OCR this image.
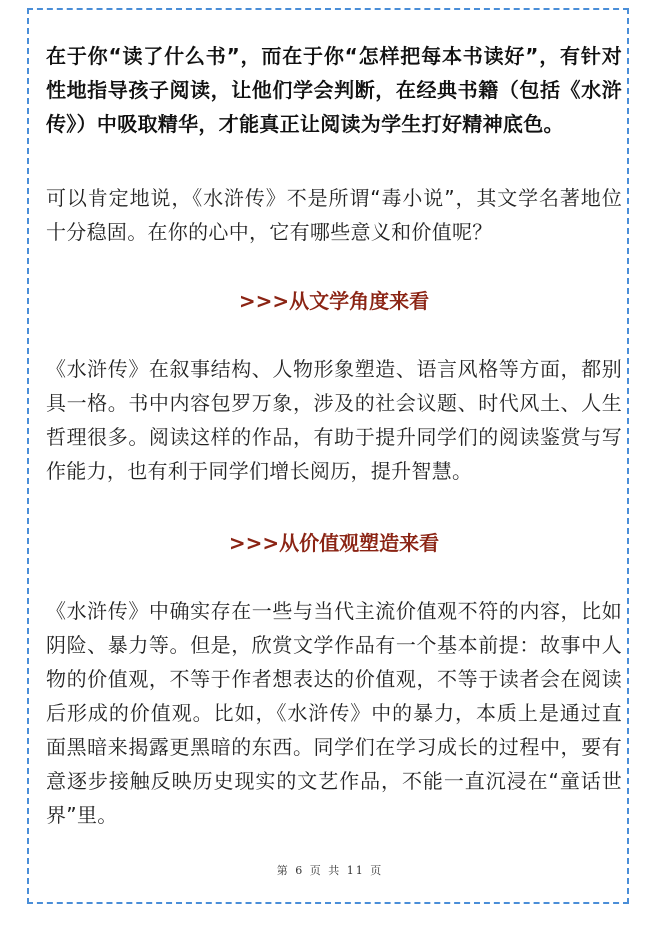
在于你“读了什么书”，而在于你“怎样把每本书读好”，有针对性地指导孩子阅读，让他们学会判断，在经典书籍（包括《水浒传》）中吸取精华，才能真正让阅读为学生打好精神底色。

可以肯定地说，《水浒传》不是所谓“毒小说”，其文学名著地位十分稳固。在你的心中，它有哪些意义和价值呢？

>>>从文学角度来看

《水浒传》在叙事结构、人物形象塑造、语言风格等方面，都别具一格。书中内容包罗万象，涉及的社会议题、时代风土、人生哲理很多。阅读这样的作品，有助于提升同学们的阅读鉴赏与写作能力，也有利于同学们增长阅历，提升智慧。

>>>从价值观塑造来看

《水浒传》中确实存在一些与当代主流价值观不符的内容，比如阴险、暴力等。但是，欣赏文学作品有一个基本前提：故事中人物的价值观，不等于作者想表达的价值观，不等于读者会在阅读后形成的价值观。比如，《水浒传》中的暴力，本质上是通过直面黑暗来揭露更黑暗的东西。同学们在学习成长的过程中，要有意逐步接触反映历史现实的文艺作品，不能一直沉浸在“童话世界”里。

第 6 页 共 11 页
